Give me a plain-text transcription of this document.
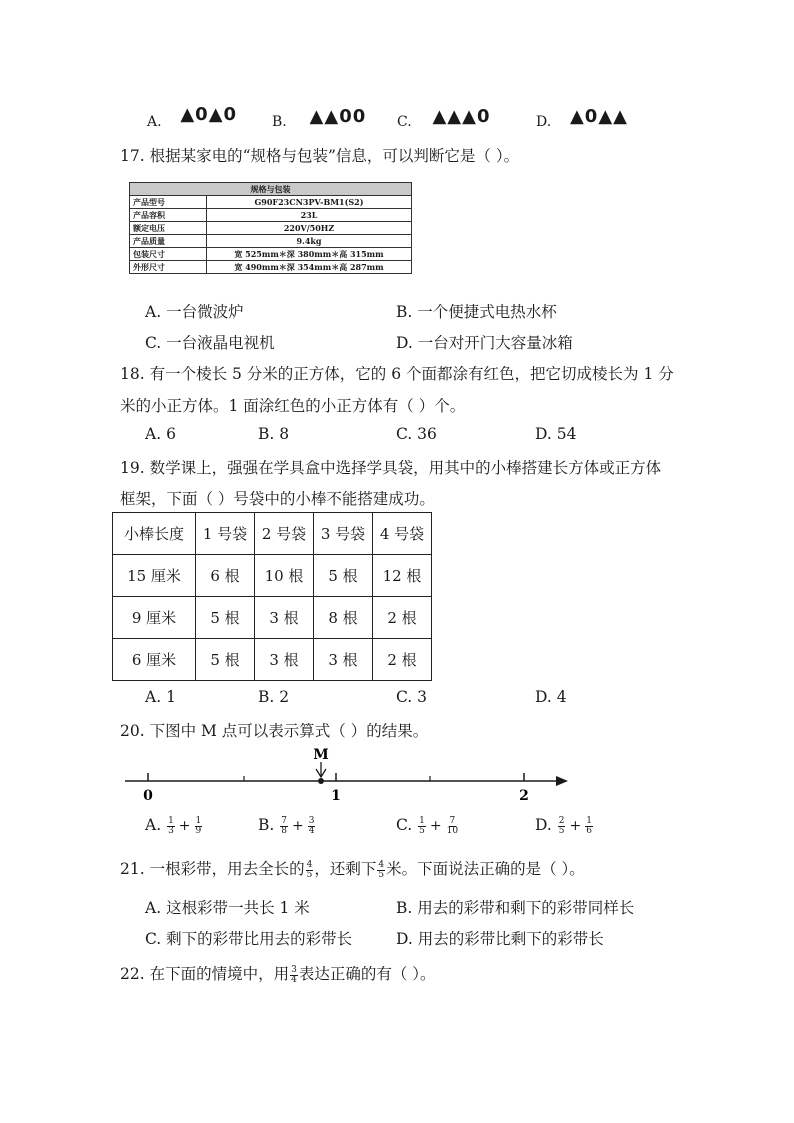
A. ▲0▲0 B. ▲▲00 C. ▲▲▲0	D. ▲0▲▲
17. 根据某家电的“规格与包装”信息，可以判断它是（ ）。
规格与包装	
产品型号	G90F23CN3PV-BM1(S2)
产品容积	23L
额定电压	220V/50HZ
产品质量	9.4kg
包装尺寸	宽 525mm＊深 380mm＊高 315mm
外形尺寸	宽 490mm＊深 354mm＊高 287mm
A. 一台微波炉	B. 一个便捷式电热水杯
C. 一台液晶电视机	D. 一台对开门大容量冰箱
18. 有一个棱长 5 分米的正方体，它的 6 个面都涂有红色，把它切成棱长为 1 分
米的小正方体。1 面涂红色的小正方体有（ ）个。
A. 6	B. 8	C. 36	D. 54
19. 数学课上，强强在学具盒中选择学具袋，用其中的小棒搭建长方体或正方体
框架，下面（ ）号袋中的小棒不能搭建成功。
小棒长度	1 号袋	2 号袋	3 号袋	4 号袋
15 厘米	6 根	10 根	5 根	12 根
9 厘米	5 根	3 根	8 根	2 根
6 厘米	5 根	3 根	3 根	2 根
A. 1	B. 2	C. 3	D. 4
20. 下图中 M 点可以表示算式（ ）的结果。
M
0	1	2
A. $\frac{1}{3} + \frac{1}{9}$	B. $\frac{7}{8} + \frac{3}{4}$	C. $\frac{1}{5} + \frac{7}{10}$	D. $\frac{2}{5} + \frac{1}{6}$
21. 一根彩带，用去全长的 $\frac{4}{5}$ ，还剩下 $\frac{4}{5}$ 米。下面说法正确的是（ ）。
A. 这根彩带一共长 1 米	B. 用去的彩带和剩下的彩带同样长
C. 剩下的彩带比用去的彩带长	D. 用去的彩带比剩下的彩带长
22. 在下面的情境中，用 $\frac{3}{4}$ 表达正确的有（ ）。
